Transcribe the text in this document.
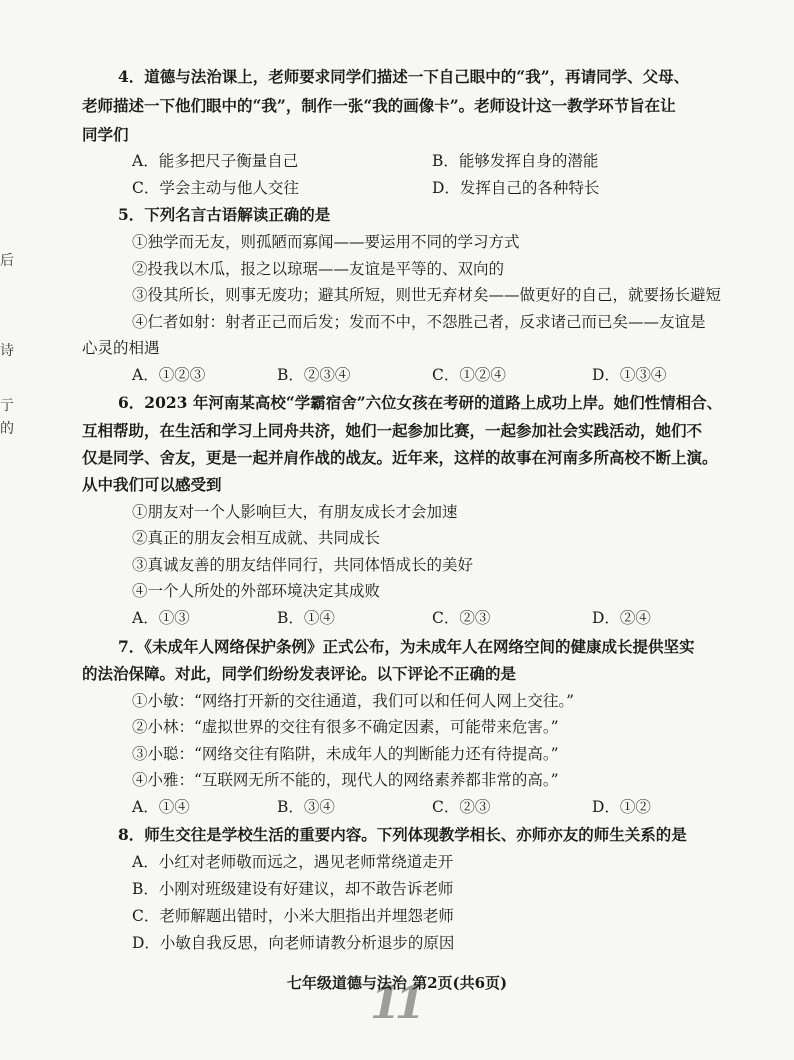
后
诗
亍
的
4．道德与法治课上，老师要求同学们描述一下自己眼中的“我”，再请同学、父母、
老师描述一下他们眼中的“我”，制作一张“我的画像卡”。老师设计这一教学环节旨在让
同学们
A．能多把尺子衡量自己	B．能够发挥自身的潜能
C．学会主动与他人交往	D．发挥自己的各种特长
5．下列名言古语解读正确的是
①独学而无友，则孤陋而寡闻——要运用不同的学习方式
②投我以木瓜，报之以琼琚——友谊是平等的、双向的
③役其所长，则事无废功；避其所短，则世无弃材矣——做更好的自己，就要扬长避短
④仁者如射：射者正己而后发；发而不中，不怨胜己者，反求诸己而已矣——友谊是
心灵的相遇
A．①②③	B．②③④	C．①②④	D．①③④
6．2023 年河南某高校“学霸宿舍”六位女孩在考研的道路上成功上岸。她们性情相合、
互相帮助，在生活和学习上同舟共济，她们一起参加比赛，一起参加社会实践活动，她们不
仅是同学、舍友，更是一起并肩作战的战友。近年来，这样的故事在河南多所高校不断上演。
从中我们可以感受到
①朋友对一个人影响巨大，有朋友成长才会加速
②真正的朋友会相互成就、共同成长
③真诚友善的朋友结伴同行，共同体悟成长的美好
④一个人所处的外部环境决定其成败
A．①③	B．①④	C．②③	D．②④
7．《未成年人网络保护条例》正式公布，为未成年人在网络空间的健康成长提供坚实
的法治保障。对此，同学们纷纷发表评论。以下评论不正确的是
①小敏：“网络打开新的交往通道，我们可以和任何人网上交往。”
②小林：“虚拟世界的交往有很多不确定因素，可能带来危害。”
③小聪：“网络交往有陷阱，未成年人的判断能力还有待提高。”
④小雅：“互联网无所不能的，现代人的网络素养都非常的高。”
A．①④	B．③④	C．②③	D．①②
8．师生交往是学校生活的重要内容。下列体现教学相长、亦师亦友的师生关系的是
A．小红对老师敬而远之，遇见老师常绕道走开
B．小刚对班级建设有好建议，却不敢告诉老师
C．老师解题出错时，小米大胆指出并埋怨老师
D．小敏自我反思，向老师请教分析退步的原因
11
七年级道德与法治 第2页(共6页)
